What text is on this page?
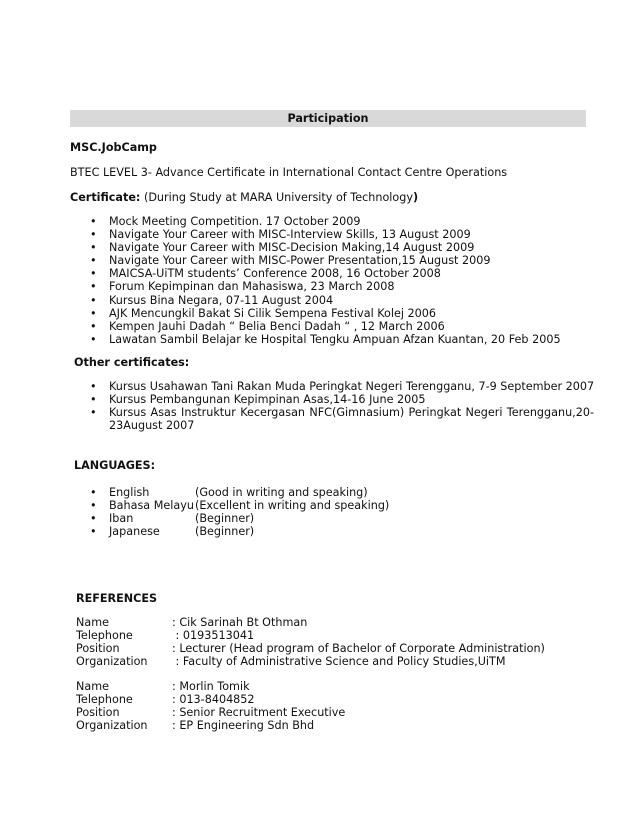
Participation
MSC.JobCamp
BTEC LEVEL 3- Advance Certificate in International Contact Centre Operations
Certificate: (During Study at MARA University of Technology)
• Mock Meeting Competition. 17 October 2009
• Navigate Your Career with MISC-Interview Skills, 13 August 2009
• Navigate Your Career with MISC-Decision Making,14 August 2009
• Navigate Your Career with MISC-Power Presentation,15 August 2009
• MAICSA-UiTM students’ Conference 2008, 16 October 2008
• Forum Kepimpinan dan Mahasiswa, 23 March 2008
• Kursus Bina Negara, 07-11 August 2004
• AJK Mencungkil Bakat Si Cilik Sempena Festival Kolej 2006
• Kempen Jauhi Dadah “ Belia Benci Dadah “ , 12 March 2006
• Lawatan Sambil Belajar ke Hospital Tengku Ampuan Afzan Kuantan, 20 Feb 2005
Other certificates:
• Kursus Usahawan Tani Rakan Muda Peringkat Negeri Terengganu, 7-9 September 2007
• Kursus Pembangunan Kepimpinan Asas,14-16 June 2005
• Kursus Asas Instruktur Kecergasan NFC(Gimnasium) Peringkat Negeri Terengganu,20-23August 2007
LANGUAGES:
• English	(Good in writing and speaking)
• Bahasa Melayu(Excellent in writing and speaking)
• Iban	(Beginner)
• Japanese	(Beginner)
REFERENCES
Name	: Cik Sarinah Bt Othman
Telephone	: 0193513041
Position	: Lecturer (Head program of Bachelor of Corporate Administration)
Organization : Faculty of Administrative Science and Policy Studies,UiTM
Name	: Morlin Tomik
Telephone	: 013-8404852
Position	: Senior Recruitment Executive
Organization : EP Engineering Sdn Bhd
